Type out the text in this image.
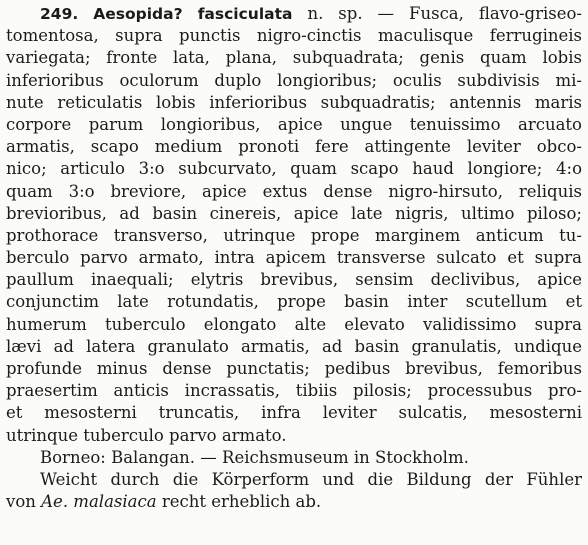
249. Aesopida? fasciculata n. sp. — Fusca, flavo-griseo-
tomentosa, supra punctis nigro-cinctis maculisque ferrugineis
variegata; fronte lata, plana, subquadrata; genis quam lobis
inferioribus oculorum duplo longioribus; oculis subdivisis mi-
nute reticulatis lobis inferioribus subquadratis; antennis maris
corpore parum longioribus, apice ungue tenuissimo arcuato
armatis, scapo medium pronoti fere attingente leviter obco-
nico; articulo 3:o subcurvato, quam scapo haud longiore; 4:o
quam 3:o breviore, apice extus dense nigro-hirsuto, reliquis
brevioribus, ad basin cinereis, apice late nigris, ultimo piloso;
prothorace transverso, utrinque prope marginem anticum tu-
berculo parvo armato, intra apicem transverse sulcato et supra
paullum inaequali; elytris brevibus, sensim declivibus, apice
conjunctim late rotundatis, prope basin inter scutellum et
humerum tuberculo elongato alte elevato validissimo supra
lævi ad latera granulato armatis, ad basin granulatis, undique
profunde minus dense punctatis; pedibus brevibus, femoribus
praesertim anticis incrassatis, tibiis pilosis; processubus pro-
et mesosterni truncatis, infra leviter sulcatis, mesosterni
utrinque tuberculo parvo armato.
Borneo: Balangan. — Reichsmuseum in Stockholm.
Weicht durch die Körperform und die Bildung der Fühler
von Ae. malasiaca recht erheblich ab.
